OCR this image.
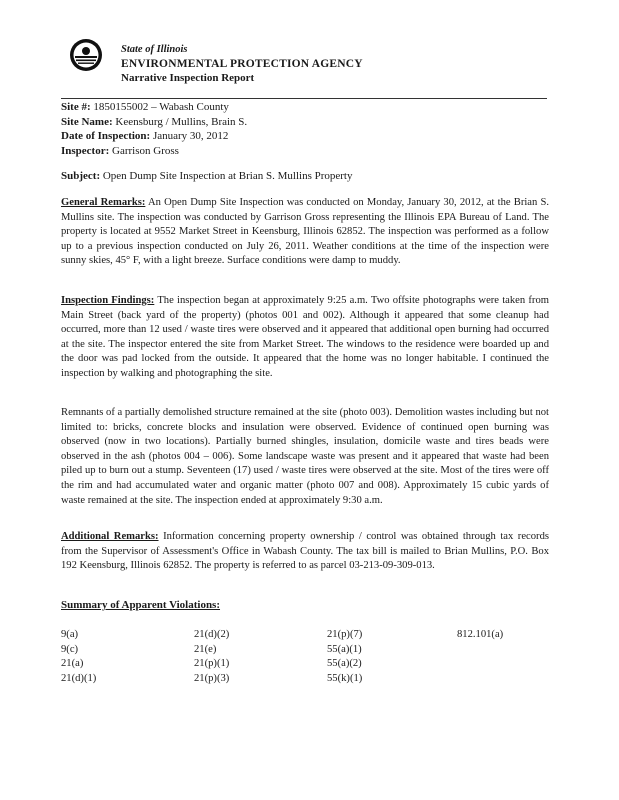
State of Illinois
ENVIRONMENTAL PROTECTION AGENCY
Narrative Inspection Report
Site #: 1850155002 – Wabash County
Site Name: Keensburg / Mullins, Brain S.
Date of Inspection: January 30, 2012
Inspector: Garrison Gross
Subject: Open Dump Site Inspection at Brian S. Mullins Property

General Remarks: An Open Dump Site Inspection was conducted on Monday, January 30, 2012, at the Brian S. Mullins site. The inspection was conducted by Garrison Gross representing the Illinois EPA Bureau of Land. The property is located at 9552 Market Street in Keensburg, Illinois 62852. The inspection was performed as a follow up to a previous inspection conducted on July 26, 2011. Weather conditions at the time of the inspection were sunny skies, 45° F, with a light breeze. Surface conditions were damp to muddy.

Inspection Findings: The inspection began at approximately 9:25 a.m. Two offsite photographs were taken from Main Street (back yard of the property) (photos 001 and 002). Although it appeared that some cleanup had occurred, more than 12 used / waste tires were observed and it appeared that additional open burning had occurred at the site. The inspector entered the site from Market Street. The windows to the residence were boarded up and the door was pad locked from the outside. It appeared that the home was no longer habitable. I continued the inspection by walking and photographing the site.

Remnants of a partially demolished structure remained at the site (photo 003). Demolition wastes including but not limited to: bricks, concrete blocks and insulation were observed. Evidence of continued open burning was observed (now in two locations). Partially burned shingles, insulation, domicile waste and tires beads were observed in the ash (photos 004 – 006). Some landscape waste was present and it appeared that waste had been piled up to burn out a stump. Seventeen (17) used / waste tires were observed at the site. Most of the tires were off the rim and had accumulated water and organic matter (photo 007 and 008). Approximately 15 cubic yards of waste remained at the site. The inspection ended at approximately 9:30 a.m.

Additional Remarks: Information concerning property ownership / control was obtained through tax records from the Supervisor of Assessment's Office in Wabash County. The tax bill is mailed to Brian Mullins, P.O. Box 192 Keensburg, Illinois 62852. The property is referred to as parcel 03-213-09-309-013.

Summary of Apparent Violations:
9(a)
9(c)
21(a)
21(d)(1)
21(d)(2)
21(e)
21(p)(1)
21(p)(3)
21(p)(7)
55(a)(1)
55(a)(2)
55(k)(1)
812.101(a)
